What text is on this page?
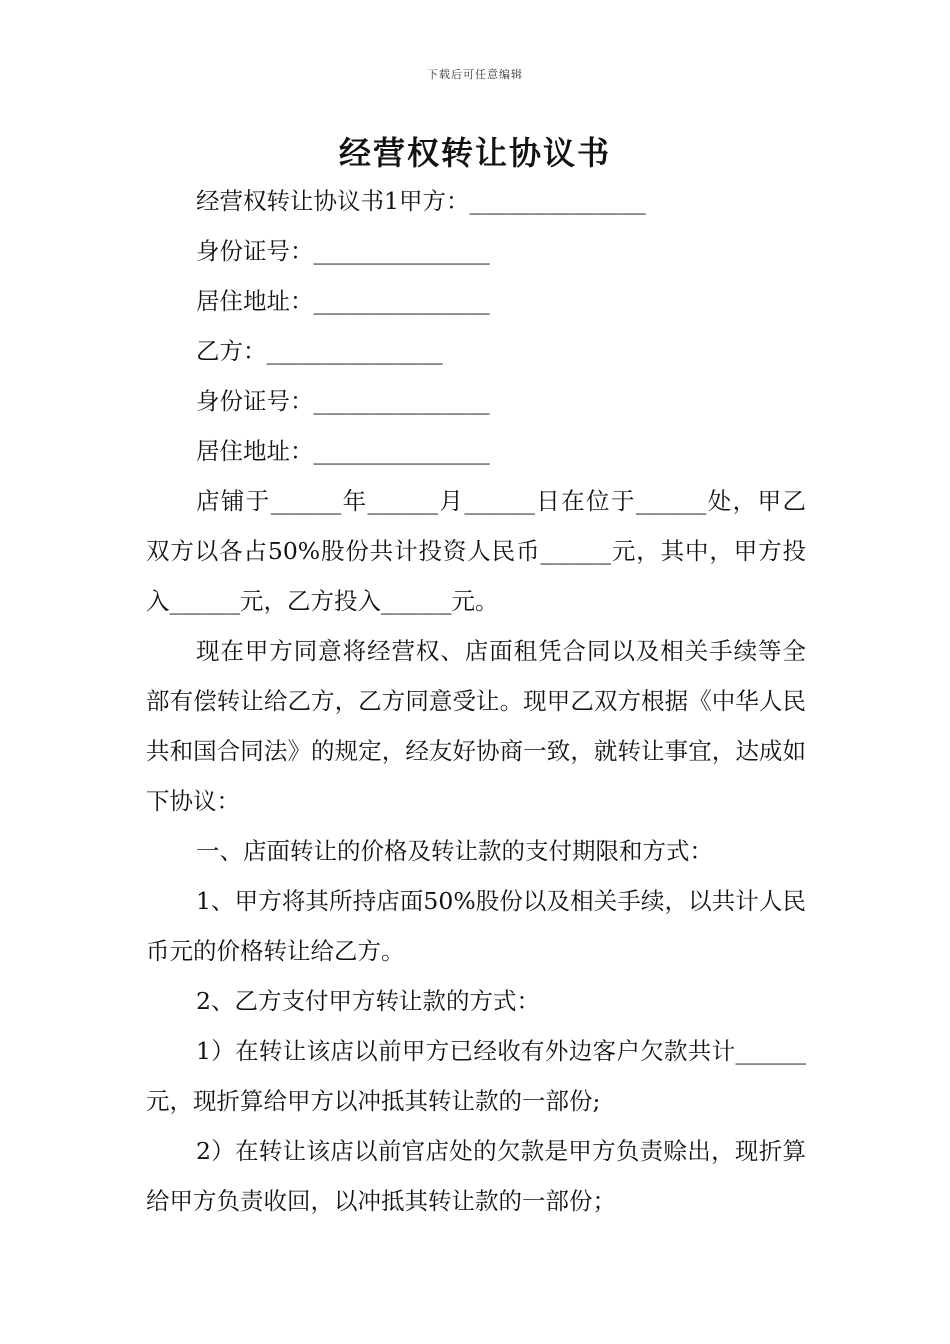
下载后可任意编辑
经营权转让协议书
经营权转让协议书1甲方：_______________
身份证号：_______________
居住地址：_______________
乙方：_______________
身份证号：_______________
居住地址：_______________
店铺于______年______月______日在位于______处，甲乙双方以各占50%股份共计投资人民币______元，其中，甲方投入______元，乙方投入______元。
现在甲方同意将经营权、店面租凭合同以及相关手续等全部有偿转让给乙方，乙方同意受让。现甲乙双方根据《中华人民共和国合同法》的规定，经友好协商一致，就转让事宜，达成如下协议：
一、店面转让的价格及转让款的支付期限和方式：
1、甲方将其所持店面50%股份以及相关手续，以共计人民币元的价格转让给乙方。
2、乙方支付甲方转让款的方式：
1）在转让该店以前甲方已经收有外边客户欠款共计______元，现折算给甲方以冲抵其转让款的一部份;
2）在转让该店以前官店处的欠款是甲方负责赊出，现折算给甲方负责收回，以冲抵其转让款的一部份；
